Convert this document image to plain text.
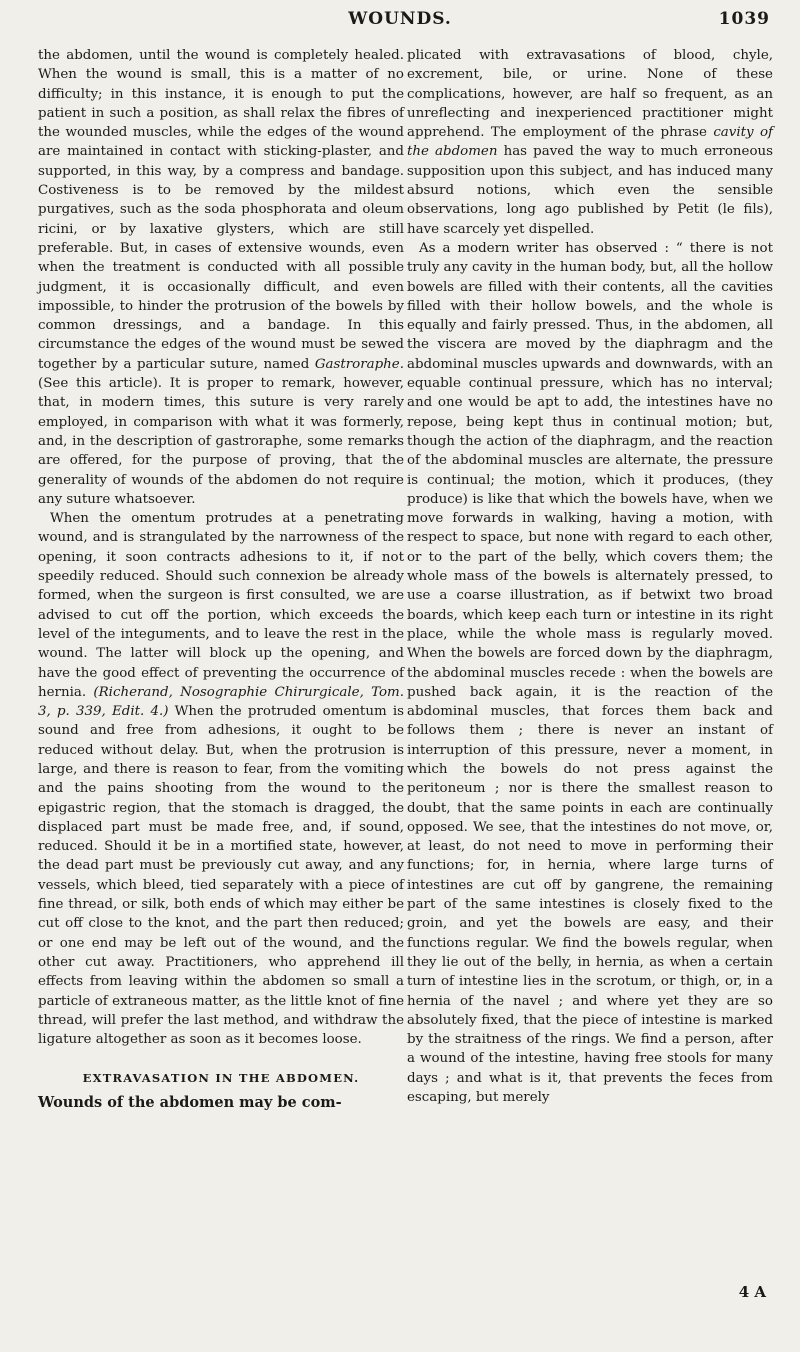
WOUNDS.	1039

the abdomen, until the wound is completely healed. When the wound is small, this is a matter of no difficulty; in this instance, it is enough to put the patient in such a position, as shall relax the fibres of the wounded muscles, while the edges of the wound are maintained in contact with sticking-plaster, and supported, in this way, by a compress and bandage. Costiveness is to be removed by the mildest purgatives, such as the soda phosphorata and oleum ricini, or by laxative glysters, which are still preferable. But, in cases of extensive wounds, even when the treatment is conducted with all possible judgment, it is occasionally difficult, and even impossible, to hinder the protrusion of the bowels by common dressings, and a bandage. In this circumstance the edges of the wound must be sewed together by a particular suture, named Gastroraphe. (See this article). It is proper to remark, however, that, in modern times, this suture is very rarely employed, in comparison with what it was formerly, and, in the description of gastroraphe, some remarks are offered, for the purpose of proving, that the generality of wounds of the abdomen do not require any suture whatsoever.

When the omentum protrudes at a penetrating wound, and is strangulated by the narrowness of the opening, it soon contracts adhesions to it, if not speedily reduced. Should such connexion be already formed, when the surgeon is first consulted, we are advised to cut off the portion, which exceeds the level of the integuments, and to leave the rest in the wound. The latter will block up the opening, and have the good effect of preventing the occurrence of hernia. (Richerand, Nosographie Chirurgicale, Tom. 3, p. 339, Edit. 4.) When the protruded omentum is sound and free from adhesions, it ought to be reduced without delay. But, when the protrusion is large, and there is reason to fear, from the vomiting and the pains shooting from the wound to the epigastric region, that the stomach is dragged, the displaced part must be made free, and, if sound, reduced. Should it be in a mortified state, however, the dead part must be previously cut away, and any vessels, which bleed, tied separately with a piece of fine thread, or silk, both ends of which may either be cut off close to the knot, and the part then reduced; or one end may be left out of the wound, and the other cut away. Practitioners, who apprehend ill effects from leaving within the abdomen so small a particle of extraneous matter, as the little knot of fine thread, will prefer the last method, and withdraw the ligature altogether as soon as it becomes loose.

EXTRAVASATION IN THE ABDOMEN.

Wounds of the abdomen may be com-

plicated with extravasations of blood, chyle, excrement, bile, or urine. None of these complications, however, are half so frequent, as an unreflecting and inexperienced practitioner might apprehend. The employment of the phrase cavity of the abdomen has paved the way to much erroneous supposition upon this subject, and has induced many absurd notions, which even the sensible observations, long ago published by Petit (le fils), have scarcely yet dispelled.

As a modern writer has observed : “ there is not truly any cavity in the human body, but, all the hollow bowels are filled with their contents, all the cavities filled with their hollow bowels, and the whole is equally and fairly pressed. Thus, in the abdomen, all the viscera are moved by the diaphragm and the abdominal muscles upwards and downwards, with an equable continual pressure, which has no interval; and one would be apt to add, the intestines have no repose, being kept thus in continual motion; but, though the action of the diaphragm, and the reaction of the abdominal muscles are alternate, the pressure is continual; the motion, which it produces, (they produce) is like that which the bowels have, when we move forwards in walking, having a motion, with respect to space, but none with regard to each other, or to the part of the belly, which covers them; the whole mass of the bowels is alternately pressed, to use a coarse illustration, as if betwixt two broad boards, which keep each turn or intestine in its right place, while the whole mass is regularly moved. When the bowels are forced down by the diaphragm, the abdominal muscles recede : when the bowels are pushed back again, it is the reaction of the abdominal muscles, that forces them back and follows them ; there is never an instant of interruption of this pressure, never a moment, in which the bowels do not press against the peritoneum ; nor is there the smallest reason to doubt, that the same points in each are continually opposed. We see, that the intestines do not move, or, at least, do not need to move in performing their functions; for, in hernia, where large turns of intestines are cut off by gangrene, the remaining part of the same intestines is closely fixed to the groin, and yet the bowels are easy, and their functions regular. We find the bowels regular, when they lie out of the belly, in hernia, as when a certain turn of intestine lies in the scrotum, or thigh, or, in a hernia of the navel ; and where yet they are so absolutely fixed, that the piece of intestine is marked by the straitness of the rings. We find a person, after a wound of the intestine, having free stools for many days ; and what is it, that prevents the feces from escaping, but merely

4 A
